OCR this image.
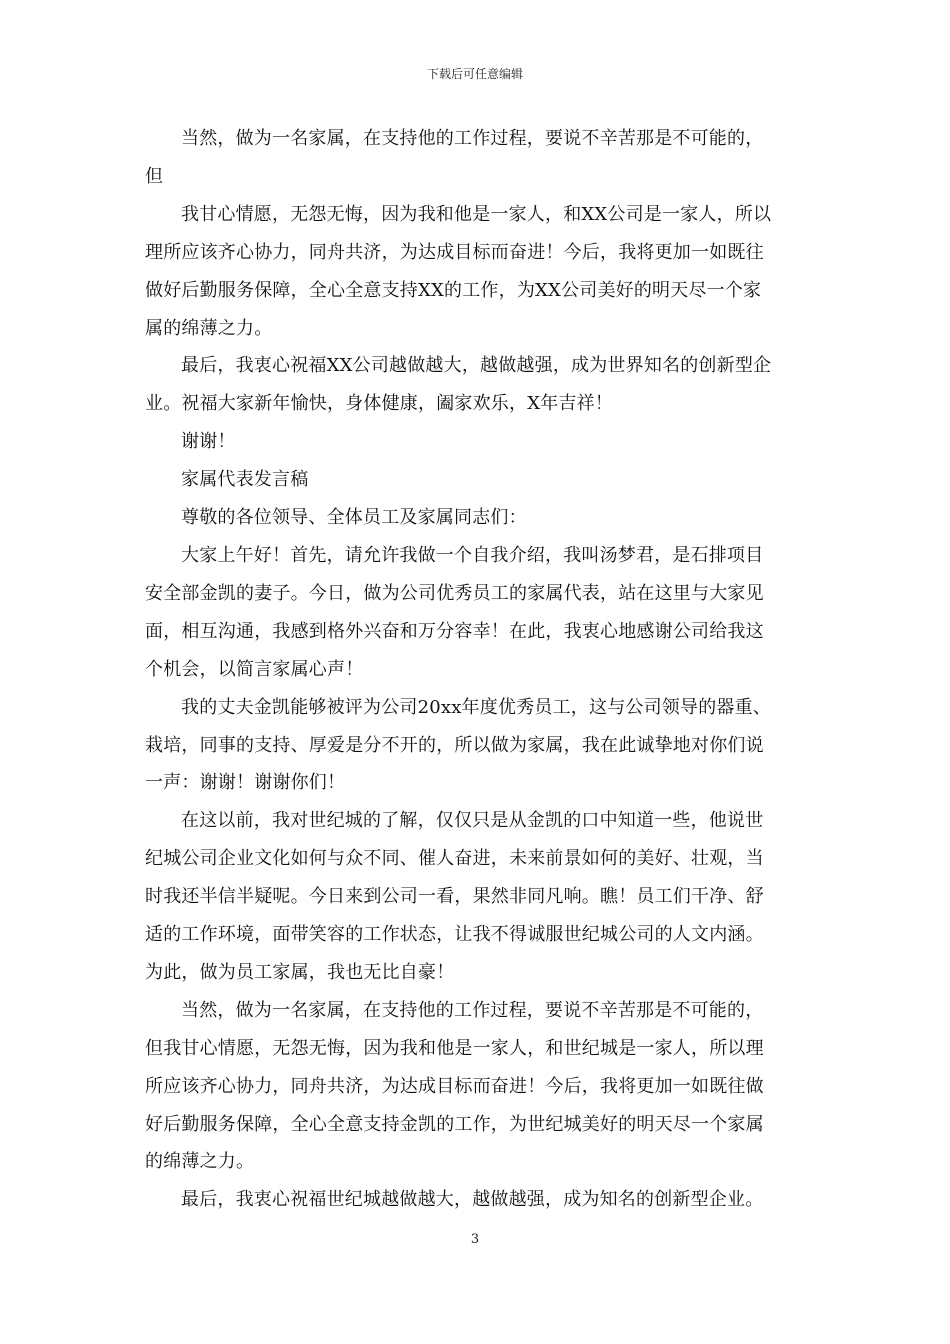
下载后可任意编辑
当然，做为一名家属，在支持他的工作过程，要说不辛苦那是不可能的，
但
我甘心情愿，无怨无悔，因为我和他是一家人，和XX公司是一家人，所以
理所应该齐心协力，同舟共济，为达成目标而奋进！今后，我将更加一如既往
做好后勤服务保障，全心全意支持XX的工作，为XX公司美好的明天尽一个家
属的绵薄之力。
最后，我衷心祝福XX公司越做越大，越做越强，成为世界知名的创新型企
业。祝福大家新年愉快，身体健康，阖家欢乐，X年吉祥！
谢谢！
家属代表发言稿
尊敬的各位领导、全体员工及家属同志们：
大家上午好！首先，请允许我做一个自我介绍，我叫汤梦君，是石排项目
安全部金凯的妻子。今日，做为公司优秀员工的家属代表，站在这里与大家见
面，相互沟通，我感到格外兴奋和万分容幸！在此，我衷心地感谢公司给我这
个机会，以简言家属心声！
我的丈夫金凯能够被评为公司20xx年度优秀员工，这与公司领导的器重、
栽培，同事的支持、厚爱是分不开的，所以做为家属，我在此诚挚地对你们说
一声：谢谢！谢谢你们！
在这以前，我对世纪城的了解，仅仅只是从金凯的口中知道一些，他说世
纪城公司企业文化如何与众不同、催人奋进，未来前景如何的美好、壮观，当
时我还半信半疑呢。今日来到公司一看，果然非同凡响。瞧！员工们干净、舒
适的工作环境，面带笑容的工作状态，让我不得诚服世纪城公司的人文内涵。
为此，做为员工家属，我也无比自豪！
当然，做为一名家属，在支持他的工作过程，要说不辛苦那是不可能的，
但我甘心情愿，无怨无悔，因为我和他是一家人，和世纪城是一家人，所以理
所应该齐心协力，同舟共济，为达成目标而奋进！今后，我将更加一如既往做
好后勤服务保障，全心全意支持金凯的工作，为世纪城美好的明天尽一个家属
的绵薄之力。
最后，我衷心祝福世纪城越做越大，越做越强，成为知名的创新型企业。
3
